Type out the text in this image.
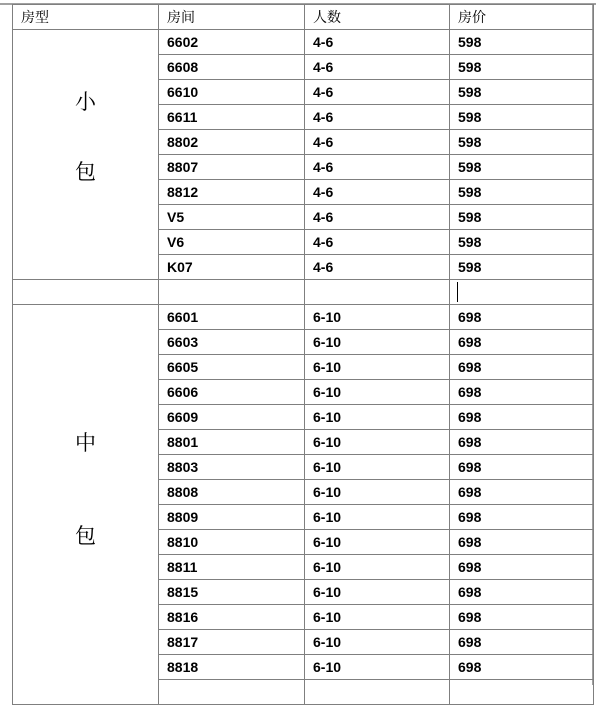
房型	房间	人数	房价

小
包	6602	4-6	598
	6608	4-6	598
	6610	4-6	598
	6611	4-6	598
	8802	4-6	598
	8807	4-6	598
	8812	4-6	598
	V5	4-6	598
	V6	4-6	598
	K07	4-6	598

中
包	6601	6-10	698
	6603	6-10	698
	6605	6-10	698
	6606	6-10	698
	6609	6-10	698
	8801	6-10	698
	8803	6-10	698
	8808	6-10	698
	8809	6-10	698
	8810	6-10	698
	8811	6-10	698
	8815	6-10	698
	8816	6-10	698
	8817	6-10	698
	8818	6-10	698
